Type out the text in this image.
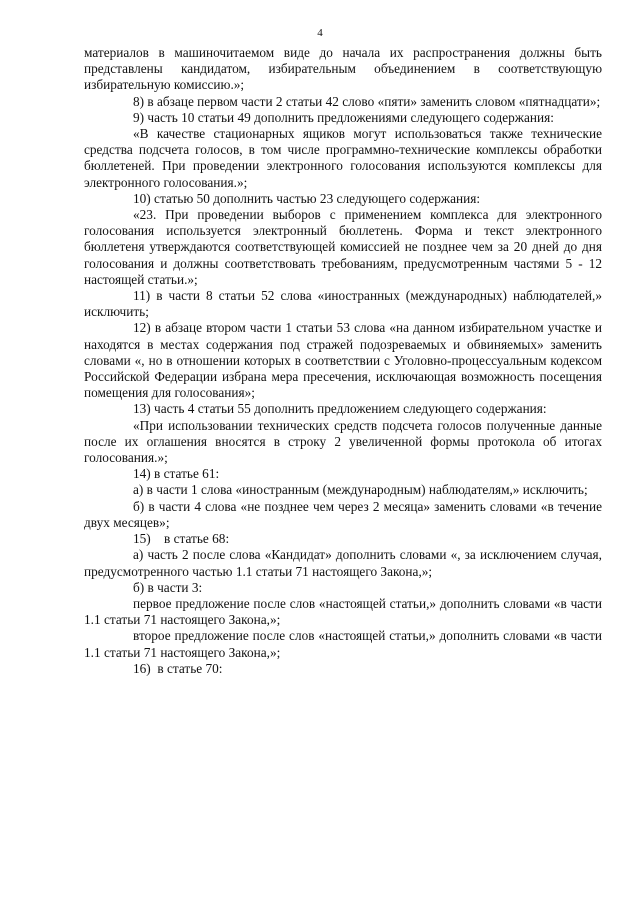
4

материалов в машиночитаемом виде до начала их распространения должны быть представлены кандидатом, избирательным объединением в соответствующую избирательную комиссию.»;

8) в абзаце первом части 2 статьи 42 слово «пяти» заменить словом «пятнадцати»;

9) часть 10 статьи 49 дополнить предложениями следующего содержания:

«В качестве стационарных ящиков могут использоваться также технические средства подсчета голосов, в том числе программно-технические комплексы обработки бюллетеней. При проведении электронного голосования используются комплексы для электронного голосования.»;

10) статью 50 дополнить частью 23 следующего содержания:

«23. При проведении выборов с применением комплекса для электронного голосования используется электронный бюллетень. Форма и текст электронного бюллетеня утверждаются соответствующей комиссией не позднее чем за 20 дней до дня голосования и должны соответствовать требованиям, предусмотренным частями 5 - 12 настоящей статьи.»;

11) в части 8 статьи 52 слова «иностранных (международных) наблюдателей,» исключить;

12) в абзаце втором части 1 статьи 53 слова «на данном избирательном участке и находятся в местах содержания под стражей подозреваемых и обвиняемых» заменить словами «, но в отношении которых в соответствии с Уголовно-процессуальным кодексом Российской Федерации избрана мера пресечения, исключающая возможность посещения помещения для голосования»;

13) часть 4 статьи 55 дополнить предложением следующего содержания:

«При использовании технических средств подсчета голосов полученные данные после их оглашения вносятся в строку 2 увеличенной формы протокола об итогах голосования.»;

14) в статье 61:

а) в части 1 слова «иностранным (международным) наблюдателям,» исключить;

б) в части 4 слова «не позднее чем через 2 месяца» заменить словами «в течение двух месяцев»;

15)    в статье 68:

а) часть 2 после слова «Кандидат» дополнить словами «, за исключением случая, предусмотренного частью 1.1 статьи 71 настоящего Закона,»;

б) в части 3:

первое предложение после слов «настоящей статьи,» дополнить словами «в части 1.1 статьи 71 настоящего Закона,»;

второе предложение после слов «настоящей статьи,» дополнить словами «в части 1.1 статьи 71 настоящего Закона,»;

16)  в статье 70:
